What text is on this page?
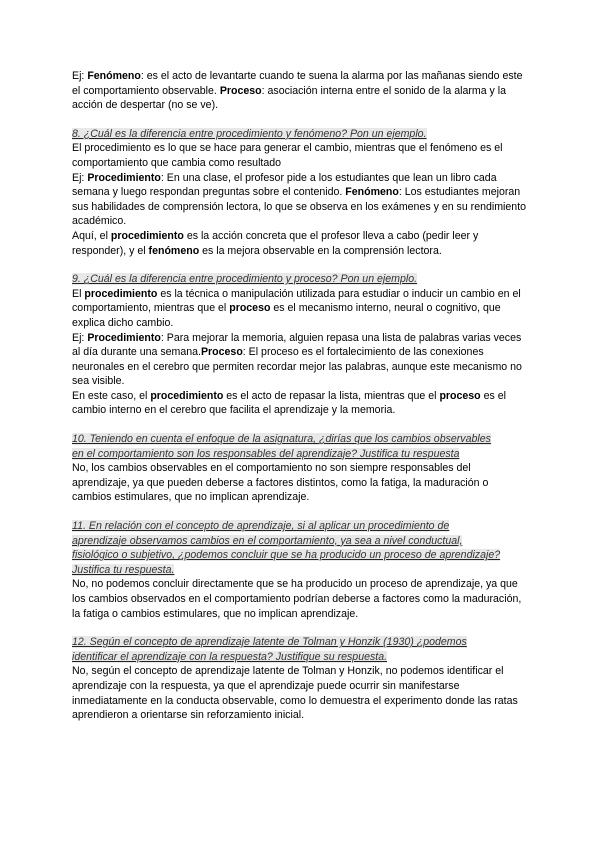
Ej: Fenómeno: es el acto de levantarte cuando te suena la alarma por las mañanas siendo este el comportamiento observable. Proceso: asociación interna entre el sonido de la alarma y la acción de despertar (no se ve).

8. ¿Cuál es la diferencia entre procedimiento y fenómeno? Pon un ejemplo.

El procedimiento es lo que se hace para generar el cambio, mientras que el fenómeno es el comportamiento que cambia como resultado

Ej: Procedimiento: En una clase, el profesor pide a los estudiantes que lean un libro cada semana y luego respondan preguntas sobre el contenido. Fenómeno: Los estudiantes mejoran sus habilidades de comprensión lectora, lo que se observa en los exámenes y en su rendimiento académico.

Aquí, el procedimiento es la acción concreta que el profesor lleva a cabo (pedir leer y responder), y el fenómeno es la mejora observable en la comprensión lectora.

9. ¿Cuál es la diferencia entre procedimiento y proceso? Pon un ejemplo.

El procedimiento es la técnica o manipulación utilizada para estudiar o inducir un cambio en el comportamiento, mientras que el proceso es el mecanismo interno, neural o cognitivo, que explica dicho cambio.

Ej: Procedimiento: Para mejorar la memoria, alguien repasa una lista de palabras varias veces al día durante una semana.Proceso: El proceso es el fortalecimiento de las conexiones neuronales en el cerebro que permiten recordar mejor las palabras, aunque este mecanismo no sea visible.

En este caso, el procedimiento es el acto de repasar la lista, mientras que el proceso es el cambio interno en el cerebro que facilita el aprendizaje y la memoria.

10. Teniendo en cuenta el enfoque de la asignatura, ¿dirías que los cambios observables

en el comportamiento son los responsables del aprendizaje? Justifica tu respuesta

No, los cambios observables en el comportamiento no son siempre responsables del aprendizaje, ya que pueden deberse a factores distintos, como la fatiga, la maduración o cambios estimulares, que no implican aprendizaje.

11. En relación con el concepto de aprendizaje, si al aplicar un procedimiento de

aprendizaje observamos cambios en el comportamiento, ya sea a nivel conductual,

fisiológico o subjetivo, ¿podemos concluir que se ha producido un proceso de aprendizaje?

Justifica tu respuesta.

No, no podemos concluir directamente que se ha producido un proceso de aprendizaje, ya que los cambios observados en el comportamiento podrían deberse a factores como la maduración, la fatiga o cambios estimulares, que no implican aprendizaje.

12. Según el concepto de aprendizaje latente de Tolman y Honzik (1930) ¿podemos

identificar el aprendizaje con la respuesta? Justifique su respuesta.

No, según el concepto de aprendizaje latente de Tolman y Honzik, no podemos identificar el aprendizaje con la respuesta, ya que el aprendizaje puede ocurrir sin manifestarse inmediatamente en la conducta observable, como lo demuestra el experimento donde las ratas aprendieron a orientarse sin reforzamiento inicial.
